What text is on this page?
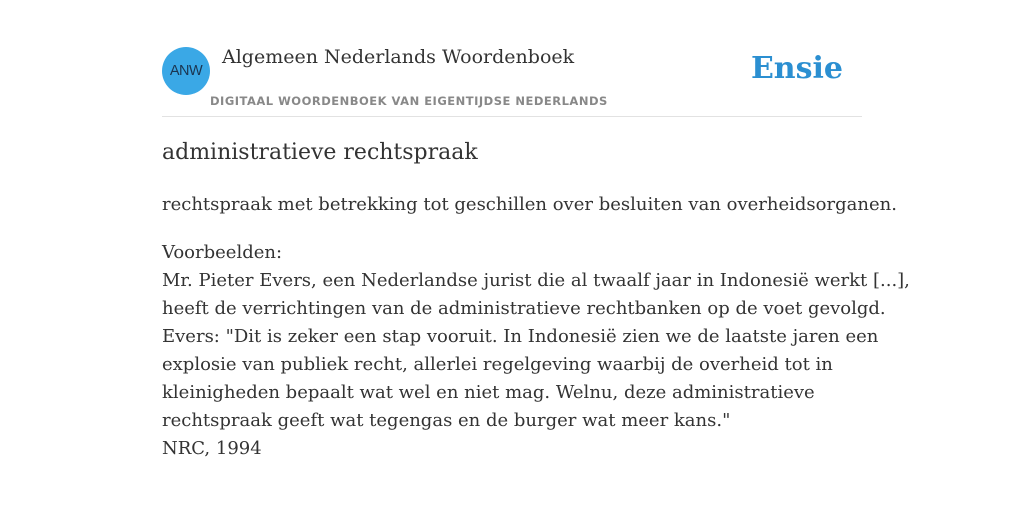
ANW
Algemeen Nederlands Woordenboek
DIGITAAL WOORDENBOEK VAN EIGENTIJDSE NEDERLANDS
Ensie
administratieve rechtspraak
rechtspraak met betrekking tot geschillen over besluiten van overheidsorganen.
Voorbeelden:
Mr. Pieter Evers, een Nederlandse jurist die al twaalf jaar in Indonesië werkt [...],
heeft de verrichtingen van de administratieve rechtbanken op de voet gevolgd.
Evers: "Dit is zeker een stap vooruit. In Indonesië zien we de laatste jaren een
explosie van publiek recht, allerlei regelgeving waarbij de overheid tot in
kleinigheden bepaalt wat wel en niet mag. Welnu, deze administratieve
rechtspraak geeft wat tegengas en de burger wat meer kans."
NRC, 1994
